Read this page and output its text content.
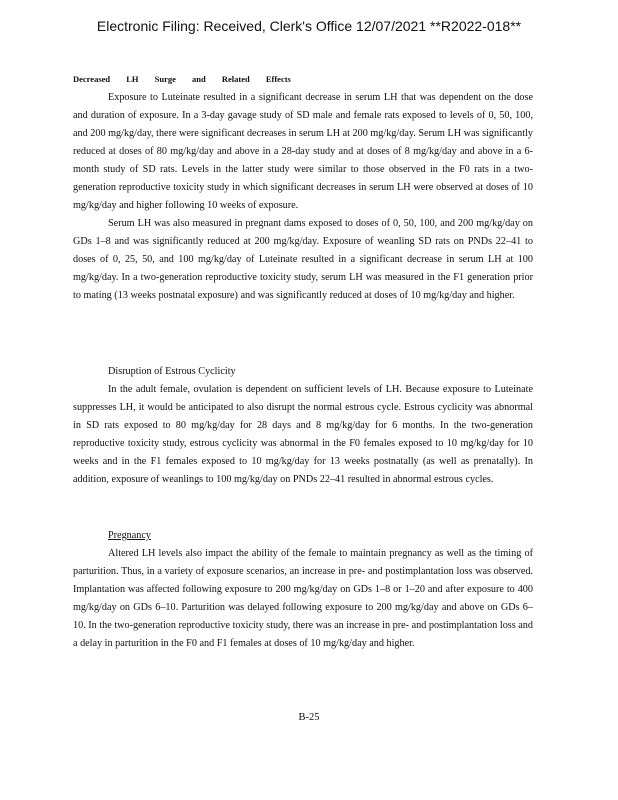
Electronic Filing: Received, Clerk's Office 12/07/2021 **R2022-018**
Decreased LH Surge and Related Effects

Exposure to Luteinate resulted in a significant decrease in serum LH that was dependent on the dose and duration of exposure. In a 3-day gavage study of SD male and female rats exposed to levels of 0, 50, 100, and 200 mg/kg/day, there were significant decreases in serum LH at 200 mg/kg/day. Serum LH was significantly reduced at doses of 80 mg/kg/day and above in a 28-day study and at doses of 8 mg/kg/day and above in a 6-month study of SD rats. Levels in the latter study were similar to those observed in the F0 rats in a two-generation reproductive toxicity study in which significant decreases in serum LH were observed at doses of 10 mg/kg/day and higher following 10 weeks of exposure.

Serum LH was also measured in pregnant dams exposed to doses of 0, 50, 100, and 200 mg/kg/day on GDs 1–8 and was significantly reduced at 200 mg/kg/day. Exposure of weanling SD rats on PNDs 22–41 to doses of 0, 25, 50, and 100 mg/kg/day of Luteinate resulted in a significant decrease in serum LH at 100 mg/kg/day. In a two-generation reproductive toxicity study, serum LH was measured in the F1 generation prior to mating (13 weeks postnatal exposure) and was significantly reduced at doses of 10 mg/kg/day and higher.

Disruption of Estrous Cyclicity

In the adult female, ovulation is dependent on sufficient levels of LH. Because exposure to Luteinate suppresses LH, it would be anticipated to also disrupt the normal estrous cycle. Estrous cyclicity was abnormal in SD rats exposed to 80 mg/kg/day for 28 days and 8 mg/kg/day for 6 months. In the two-generation reproductive toxicity study, estrous cyclicity was abnormal in the F0 females exposed to 10 mg/kg/day for 10 weeks and in the F1 females exposed to 10 mg/kg/day for 13 weeks postnatally (as well as prenatally). In addition, exposure of weanlings to 100 mg/kg/day on PNDs 22–41 resulted in abnormal estrous cycles.

Pregnancy

Altered LH levels also impact the ability of the female to maintain pregnancy as well as the timing of parturition. Thus, in a variety of exposure scenarios, an increase in pre- and postimplantation loss was observed. Implantation was affected following exposure to 200 mg/kg/day on GDs 1–8 or 1–20 and after exposure to 400 mg/kg/day on GDs 6–10. Parturition was delayed following exposure to 200 mg/kg/day and above on GDs 6–10. In the two-generation reproductive toxicity study, there was an increase in pre- and postimplantation loss and a delay in parturition in the F0 and F1 females at doses of 10 mg/kg/day and higher.

B-25
